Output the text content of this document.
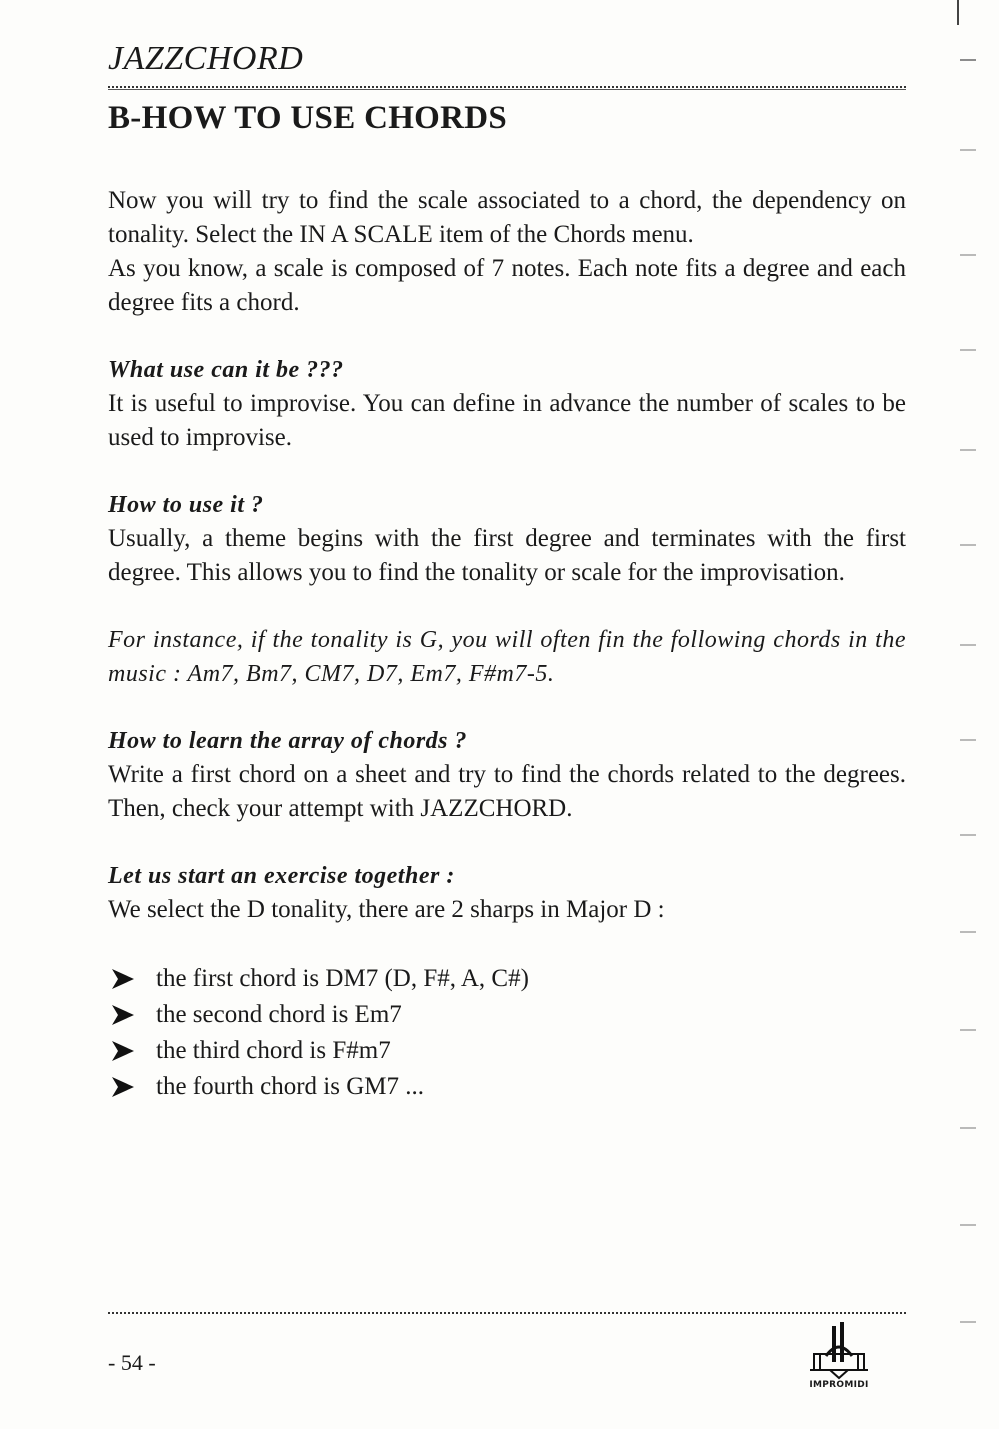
JAZZCHORD
B-HOW TO USE CHORDS

Now you will try to find the scale associated to a chord, the dependency on tonality. Select the IN A SCALE item of the Chords menu.

As you know, a scale is composed of 7 notes. Each note fits a degree and each degree fits a chord.

What use can it be ???

It is useful to improvise. You can define in advance the number of scales to be used to improvise.

How to use it ?

Usually, a theme begins with the first degree and terminates with the first degree. This allows you to find the tonality or scale for the improvisation.

For instance, if the tonality is G, you will often fin the following chords in the music : Am7, Bm7, CM7, D7, Em7, F#m7-5.

How to learn the array of chords ?

Write a first chord on a sheet and try to find the chords related to the degrees. Then, check your attempt with JAZZCHORD.

Let us start an exercise together :

We select the D tonality, there are 2 sharps in Major D :

the first chord is DM7 (D, F#, A, C#)
the second chord is Em7
the third chord is F#m7
the fourth chord is GM7 ...
- 54 -
IMPROMIDI
